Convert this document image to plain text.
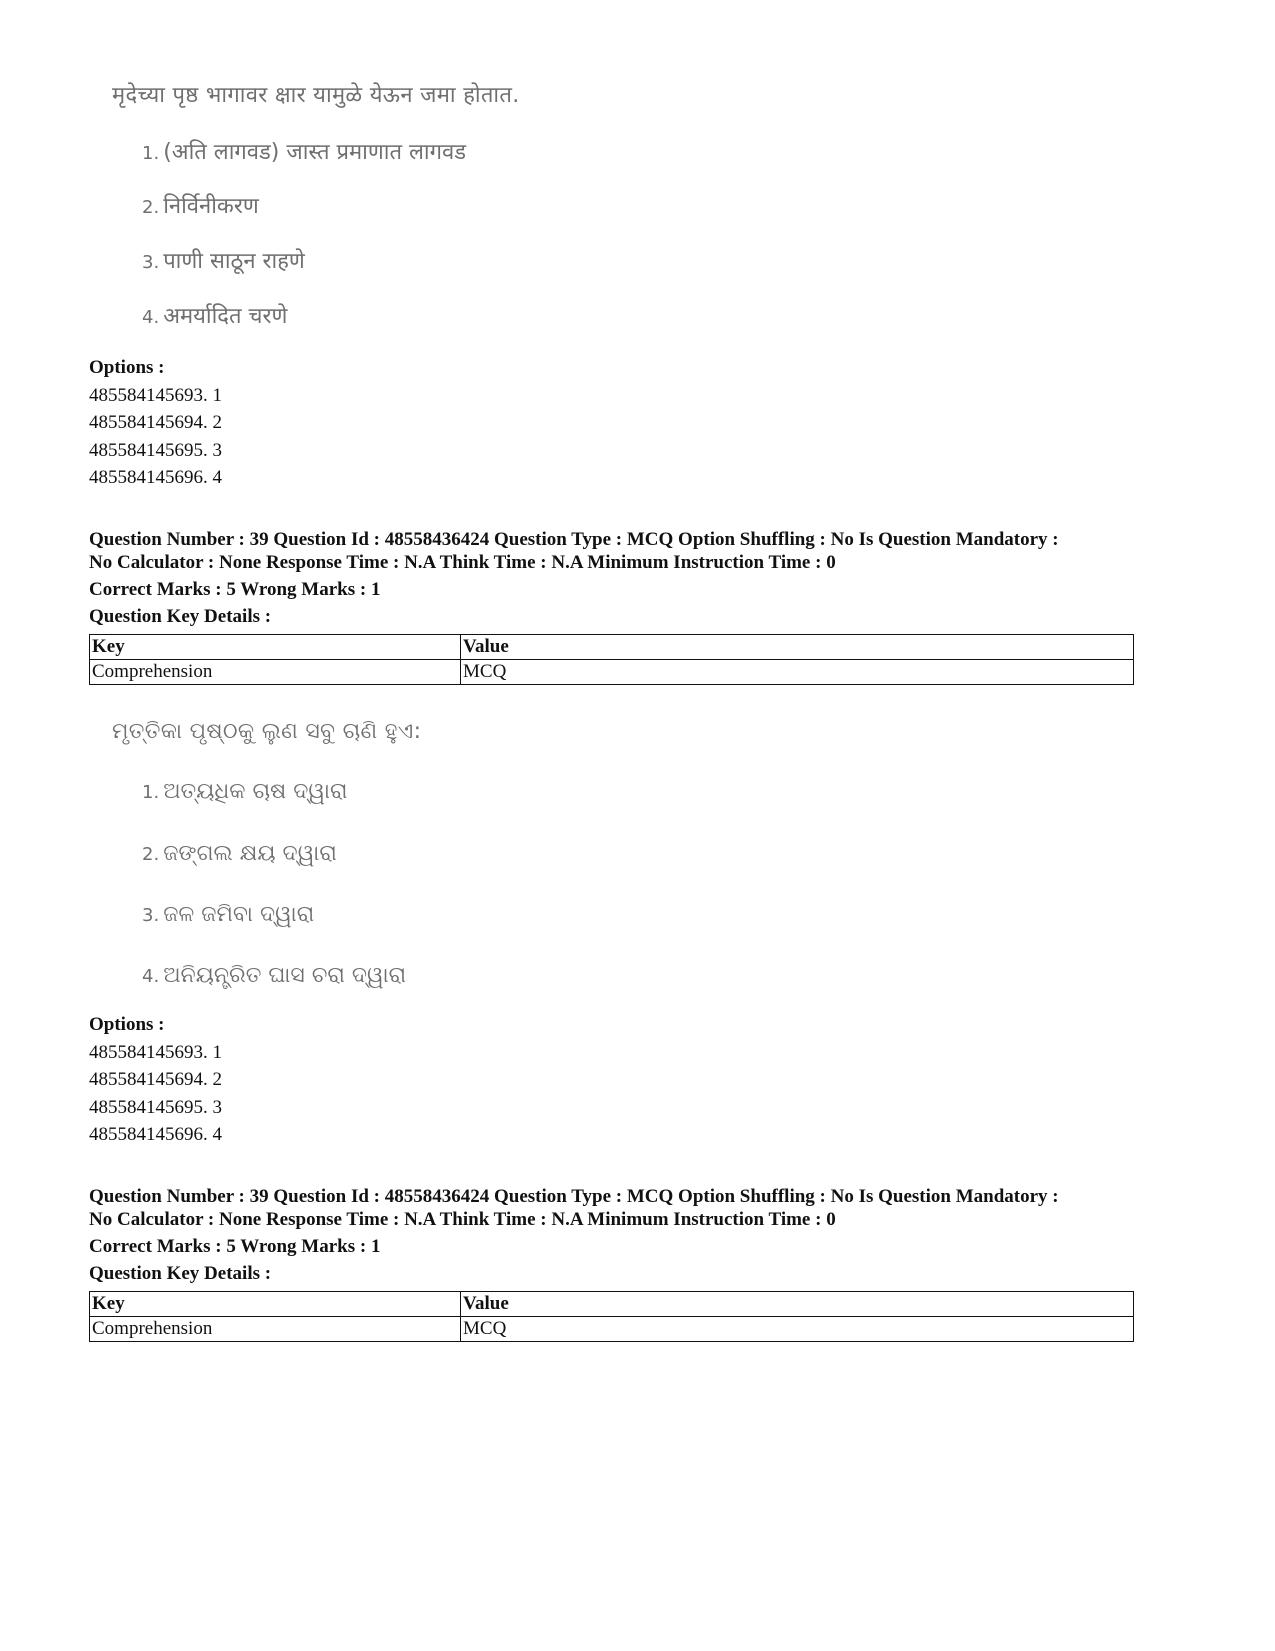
मृदेच्या पृष्ठ भागावर क्षार यामुळे येऊन जमा होतात.
1. (अति लागवड) जास्त प्रमाणात लागवड
2. निर्विनीकरण
3. पाणी साठून राहणे
4. अमर्यादित चरणे
Options :
485584145693. 1
485584145694. 2
485584145695. 3
485584145696. 4
Question Number : 39 Question Id : 48558436424 Question Type : MCQ Option Shuffling : No Is Question Mandatory :
No Calculator : None Response Time : N.A Think Time : N.A Minimum Instruction Time : 0
Correct Marks : 5 Wrong Marks : 1
Question Key Details :
Key	Value
Comprehension	MCQ
ମୃତ୍ତିକା ପୃଷ୍ଠକୁ ଲୁଣ ସବୁ ଚାଣି ହୁଏ:
1. ଅତ୍ୟଧିକ ଚାଷ ଦ୍ୱାରା
2. ଜଙ୍ଗଲ କ୍ଷୟ ଦ୍ୱାରା
3. ଜଳ ଜମିବା ଦ୍ୱାରା
4. ଅନିୟନ୍ତ୍ରିତ ଘାସ ଚରା ଦ୍ୱାରା
Options :
485584145693. 1
485584145694. 2
485584145695. 3
485584145696. 4
Question Number : 39 Question Id : 48558436424 Question Type : MCQ Option Shuffling : No Is Question Mandatory :
No Calculator : None Response Time : N.A Think Time : N.A Minimum Instruction Time : 0
Correct Marks : 5 Wrong Marks : 1
Question Key Details :
Key	Value
Comprehension	MCQ
